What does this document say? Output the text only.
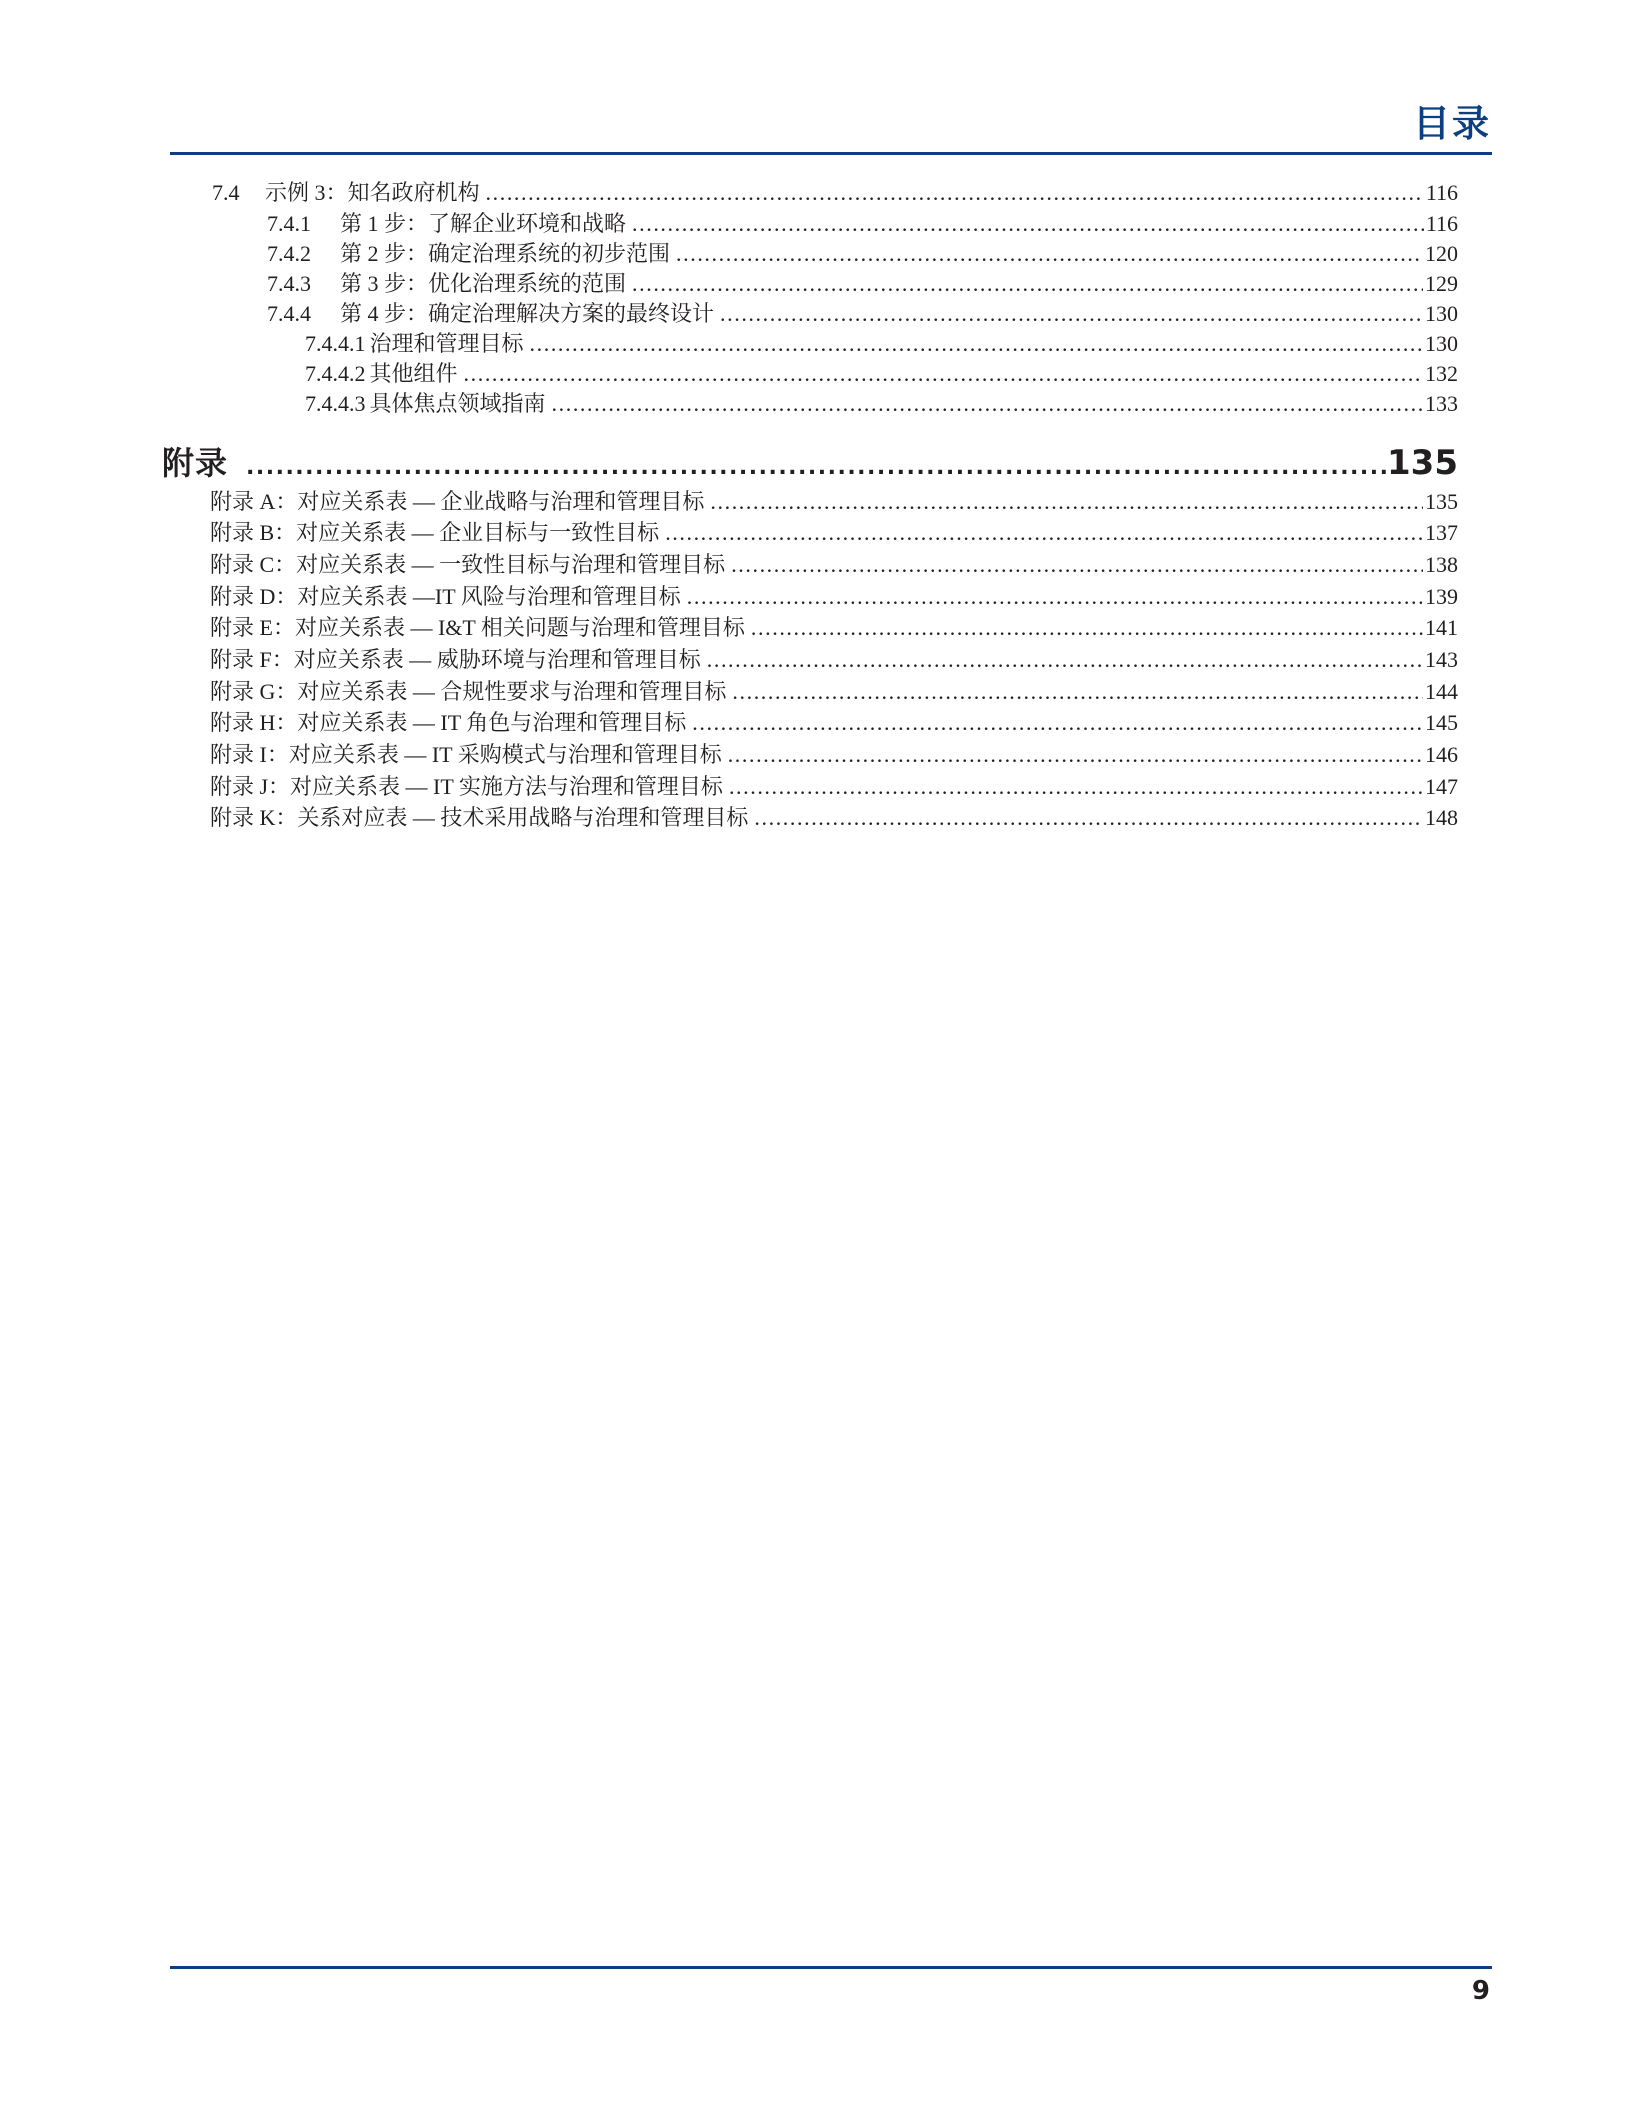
目录
7.4	示例 3：知名政府机构 .....	116
7.4.1	第 1 步：了解企业环境和战略 .....	116
7.4.2	第 2 步：确定治理系统的初步范围 .....	120
7.4.3	第 3 步：优化治理系统的范围 .....	129
7.4.4	第 4 步：确定治理解决方案的最终设计 .....	130
7.4.4.1 治理和管理目标 .....	130
7.4.4.2 其他组件 .....	132
7.4.4.3 具体焦点领域指南 .....	133
附录 .....	135
附录 A：对应关系表 — 企业战略与治理和管理目标 .....	135
附录 B：对应关系表 — 企业目标与一致性目标 .....	137
附录 C：对应关系表 — 一致性目标与治理和管理目标 .....	138
附录 D：对应关系表 —IT 风险与治理和管理目标 .....	139
附录 E：对应关系表 — I&T 相关问题与治理和管理目标 .....	141
附录 F：对应关系表 — 威胁环境与治理和管理目标 .....	143
附录 G：对应关系表 — 合规性要求与治理和管理目标 .....	144
附录 H：对应关系表 — IT 角色与治理和管理目标 .....	145
附录 I：对应关系表 — IT 采购模式与治理和管理目标 .....	146
附录 J：对应关系表 — IT 实施方法与治理和管理目标 .....	147
附录 K：关系对应表 — 技术采用战略与治理和管理目标 .....	148
9
